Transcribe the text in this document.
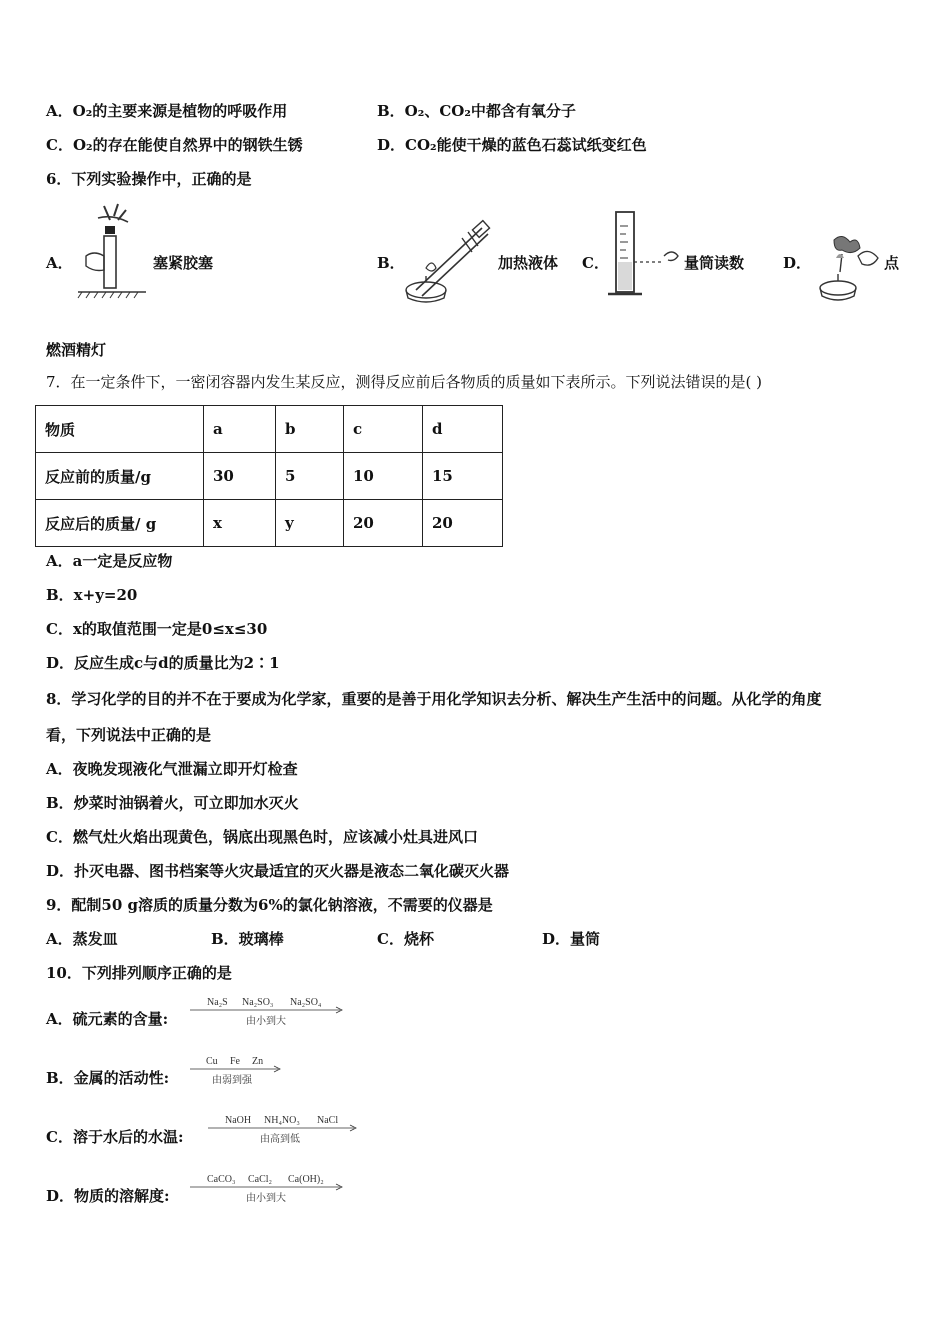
A．O₂的主要来源是植物的呼吸作用	B．O₂、CO₂中都含有氧分子
C．O₂的存在能使自然界中的钢铁生锈	D．CO₂能使干燥的蓝色石蕊试纸变红色
6．下列实验操作中，正确的是
A．	塞紧胶塞	B．	加热液体 C．	量筒读数	D．	点
燃酒精灯
7．在一定条件下，一密闭容器内发生某反应，测得反应前后各物质的质量如下表所示。下列说法错误的是( )
物质	a	b	c	d
反应前的质量/g	30	5	10	15
反应后的质量/ g	x	y	20	20
A．a一定是反应物
B．x+y=20
C．x的取值范围一定是0≤x≤30
D．反应生成c与d的质量比为2∶1
8．学习化学的目的并不在于要成为化学家，重要的是善于用化学知识去分析、解决生产生活中的问题。从化学的角度
看，下列说法中正确的是
A．夜晚发现液化气泄漏立即开灯检查
B．炒菜时油锅着火，可立即加水灭火
C．燃气灶火焰出现黄色，锅底出现黑色时，应该减小灶具进风口
D．扑灭电器、图书档案等火灾最适宜的灭火器是液态二氧化碳灭火器
9．配制50 g溶质的质量分数为6%的氯化钠溶液，不需要的仪器是
A．蒸发皿	B．玻璃棒	C．烧杯	D．量筒
10．下列排列顺序正确的是
A．硫元素的含量:
Na₂S Na₂SO₃ Na₂SO₄
由小到大
B．金属的活动性:
Cu Fe Zn
由弱到强
C．溶于水后的水温:
NaOH NH₄NO₃ NaCl
由高到低
D．物质的溶解度:
CaCO₃ CaCl₂ Ca(OH)₂
由小到大
